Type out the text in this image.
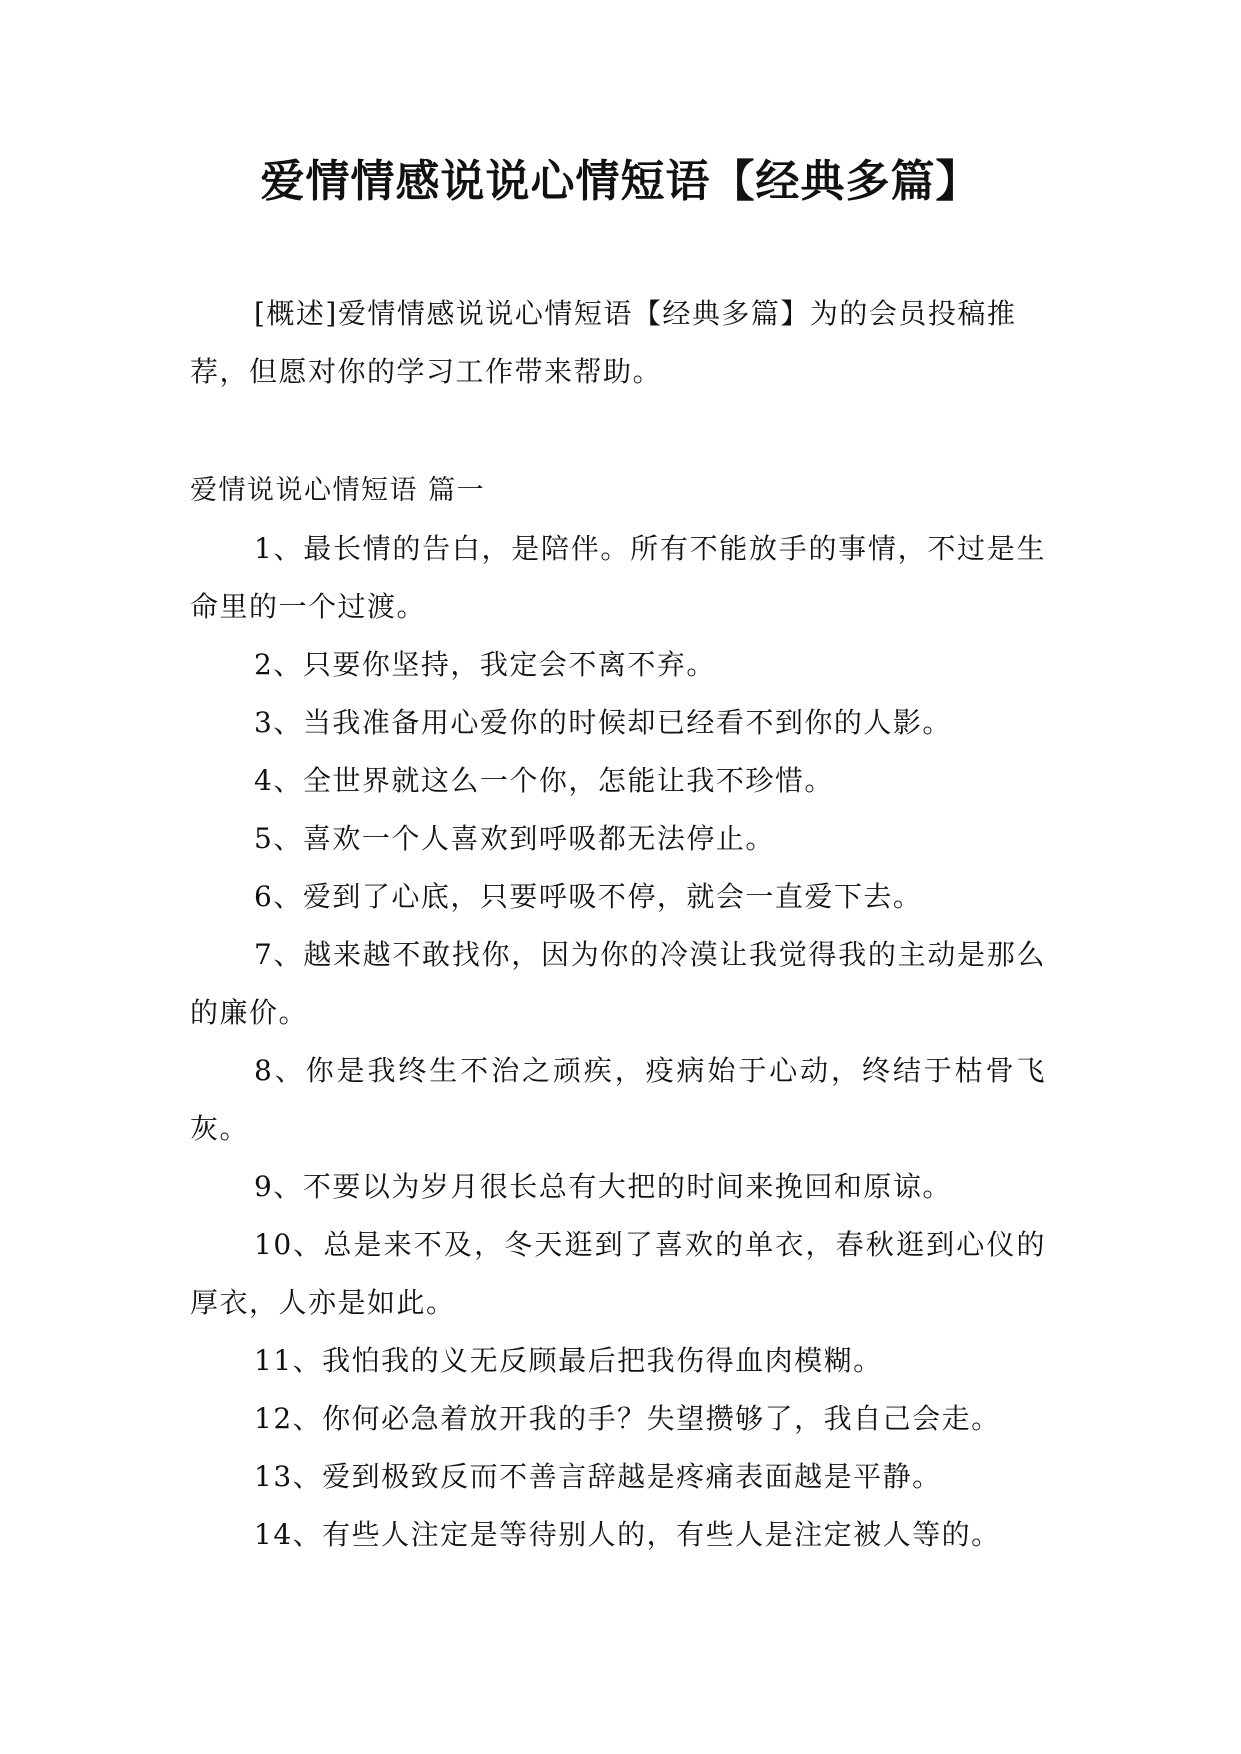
爱情情感说说心情短语【经典多篇】

[概述]爱情情感说说心情短语【经典多篇】为的会员投稿推荐，但愿对你的学习工作带来帮助。

爱情说说心情短语 篇一

1、最长情的告白，是陪伴。所有不能放手的事情，不过是生命里的一个过渡。

2、只要你坚持，我定会不离不弃。

3、当我准备用心爱你的时候却已经看不到你的人影。

4、全世界就这么一个你，怎能让我不珍惜。

5、喜欢一个人喜欢到呼吸都无法停止。

6、爱到了心底，只要呼吸不停，就会一直爱下去。

7、越来越不敢找你，因为你的冷漠让我觉得我的主动是那么的廉价。

8、你是我终生不治之顽疾，疫病始于心动，终结于枯骨飞灰。

9、不要以为岁月很长总有大把的时间来挽回和原谅。

10、总是来不及，冬天逛到了喜欢的单衣，春秋逛到心仪的厚衣，人亦是如此。

11、我怕我的义无反顾最后把我伤得血肉模糊。

12、你何必急着放开我的手？失望攒够了，我自己会走。

13、爱到极致反而不善言辞越是疼痛表面越是平静。

14、有些人注定是等待别人的，有些人是注定被人等的。
